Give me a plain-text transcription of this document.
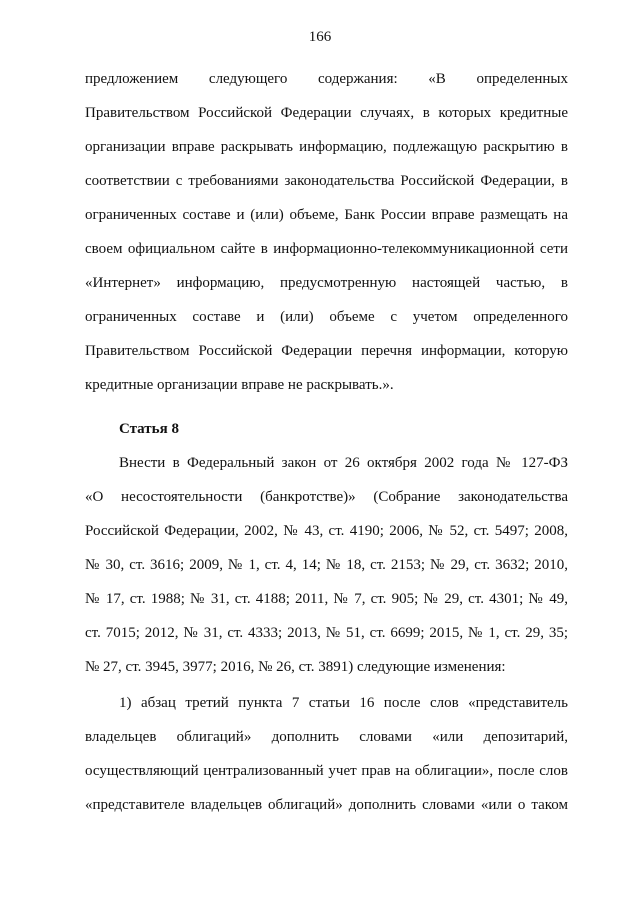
166
предложением следующего содержания: «В определенных
Правительством Российской Федерации случаях, в которых кредитные
организации вправе раскрывать информацию, подлежащую раскрытию в
соответствии с требованиями законодательства Российской Федерации, в
ограниченных составе и (или) объеме, Банк России вправе размещать на
своем официальном сайте в информационно-телекоммуникационной сети
«Интернет» информацию, предусмотренную настоящей частью, в
ограниченных составе и (или) объеме с учетом определенного
Правительством Российской Федерации перечня информации, которую
кредитные организации вправе не раскрывать.».
Статья 8
Внести в Федеральный закон от 26 октября 2002 года № 127-ФЗ
«О несостоятельности (банкротстве)» (Собрание законодательства
Российской Федерации, 2002, № 43, ст. 4190; 2006, № 52, ст. 5497; 2008,
№ 30, ст. 3616; 2009, № 1, ст. 4, 14; № 18, ст. 2153; № 29, ст. 3632; 2010,
№ 17, ст. 1988; № 31, ст. 4188; 2011, № 7, ст. 905; № 29, ст. 4301; № 49,
ст. 7015; 2012, № 31, ст. 4333; 2013, № 51, ст. 6699; 2015, № 1, ст. 29, 35;
№ 27, ст. 3945, 3977; 2016, № 26, ст. 3891) следующие изменения:
1) абзац третий пункта 7 статьи 16 после слов «представитель
владельцев облигаций» дополнить словами «или депозитарий,
осуществляющий централизованный учет прав на облигации», после слов
«представителе владельцев облигаций» дополнить словами «или о таком
